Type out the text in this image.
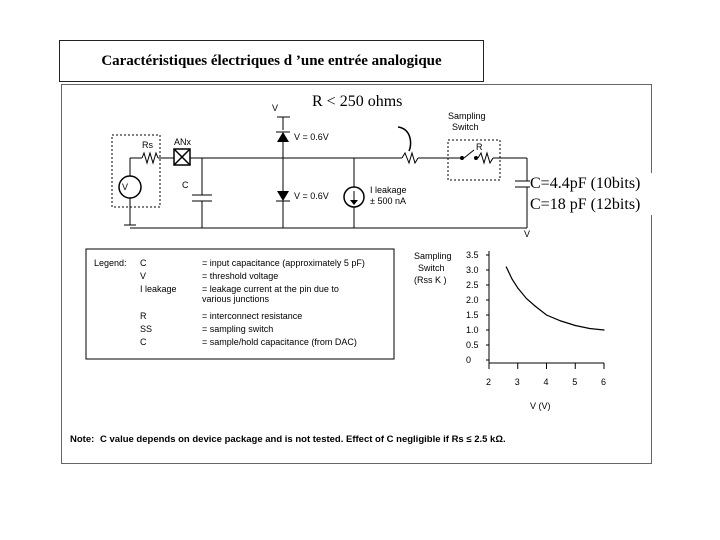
Caractéristiques électriques d ’une entrée analogique
V
Rs ANx
C
V
V = 0.6V
V = 0.6V
I leakage
± 500 nA
Sampling
Switch
R
V
Legend: C	= input capacitance (approximately 5 pF)
V	= threshold voltage
I leakage	= leakage current at the pin due to
various junctions
R	= interconnect resistance
SS	= sampling switch
C	= sample/hold capacitance (from DAC)
Sampling
Switch
(Rss K )
3.5
3.0
2.5
2.0
1.5
1.0
0.5
0
2	3	4	5	6
V (V)
Note: C value depends on device package and is not tested. Effect of C negligible if Rs ≤ 2.5 kΩ.
R < 250 ohms
C=4.4pF (10bits)
C=18 pF (12bits)
